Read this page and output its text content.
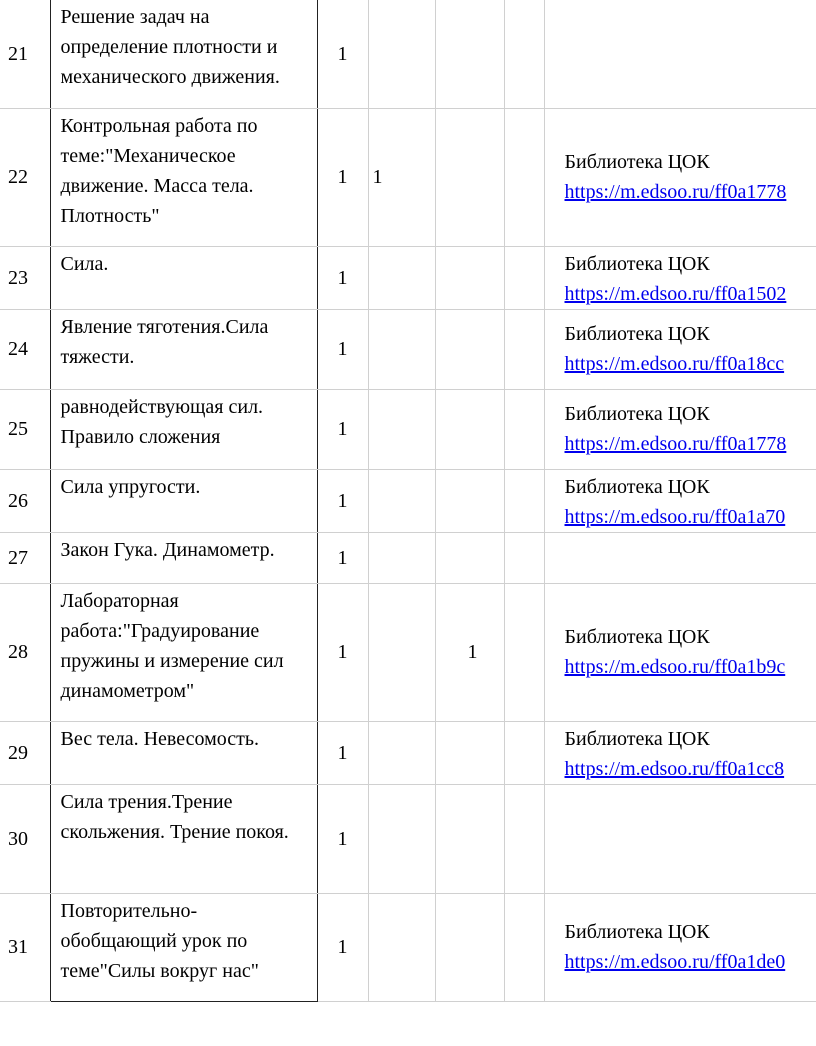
21	Решение задач на определение плотности и механического движения.	1				
22	Контрольная работа по теме:"Механическое движение. Масса тела. Плотность"	1	1			Библиотека ЦОК
https://m.edsoo.ru/ff0a1778

23	Сила.	1				Библиотека ЦОК
https://m.edsoo.ru/ff0a1502

24	Явление тяготения.Сила тяжести.	1				Библиотека ЦОК
https://m.edsoo.ru/ff0a18cc

25	равнодействующая сил. Правило сложения	1				Библиотека ЦОК
https://m.edsoo.ru/ff0a1778

26	Сила упругости.	1				Библиотека ЦОК
https://m.edsoo.ru/ff0a1a70

27	Закон Гука. Динамометр.	1				
28	Лабораторная работа:"Градуирование пружины и измерение сил динамометром"	1		1		Библиотека ЦОК
https://m.edsoo.ru/ff0a1b9c

29	Вес тела. Невесомость.	1				Библиотека ЦОК
https://m.edsoo.ru/ff0a1cc8

30	Сила трения.Трение скольжения. Трение покоя.	1				
31	Повторительно-обобщающий урок по теме"Силы вокруг нас"	1				Библиотека ЦОК
https://m.edsoo.ru/ff0a1de0
